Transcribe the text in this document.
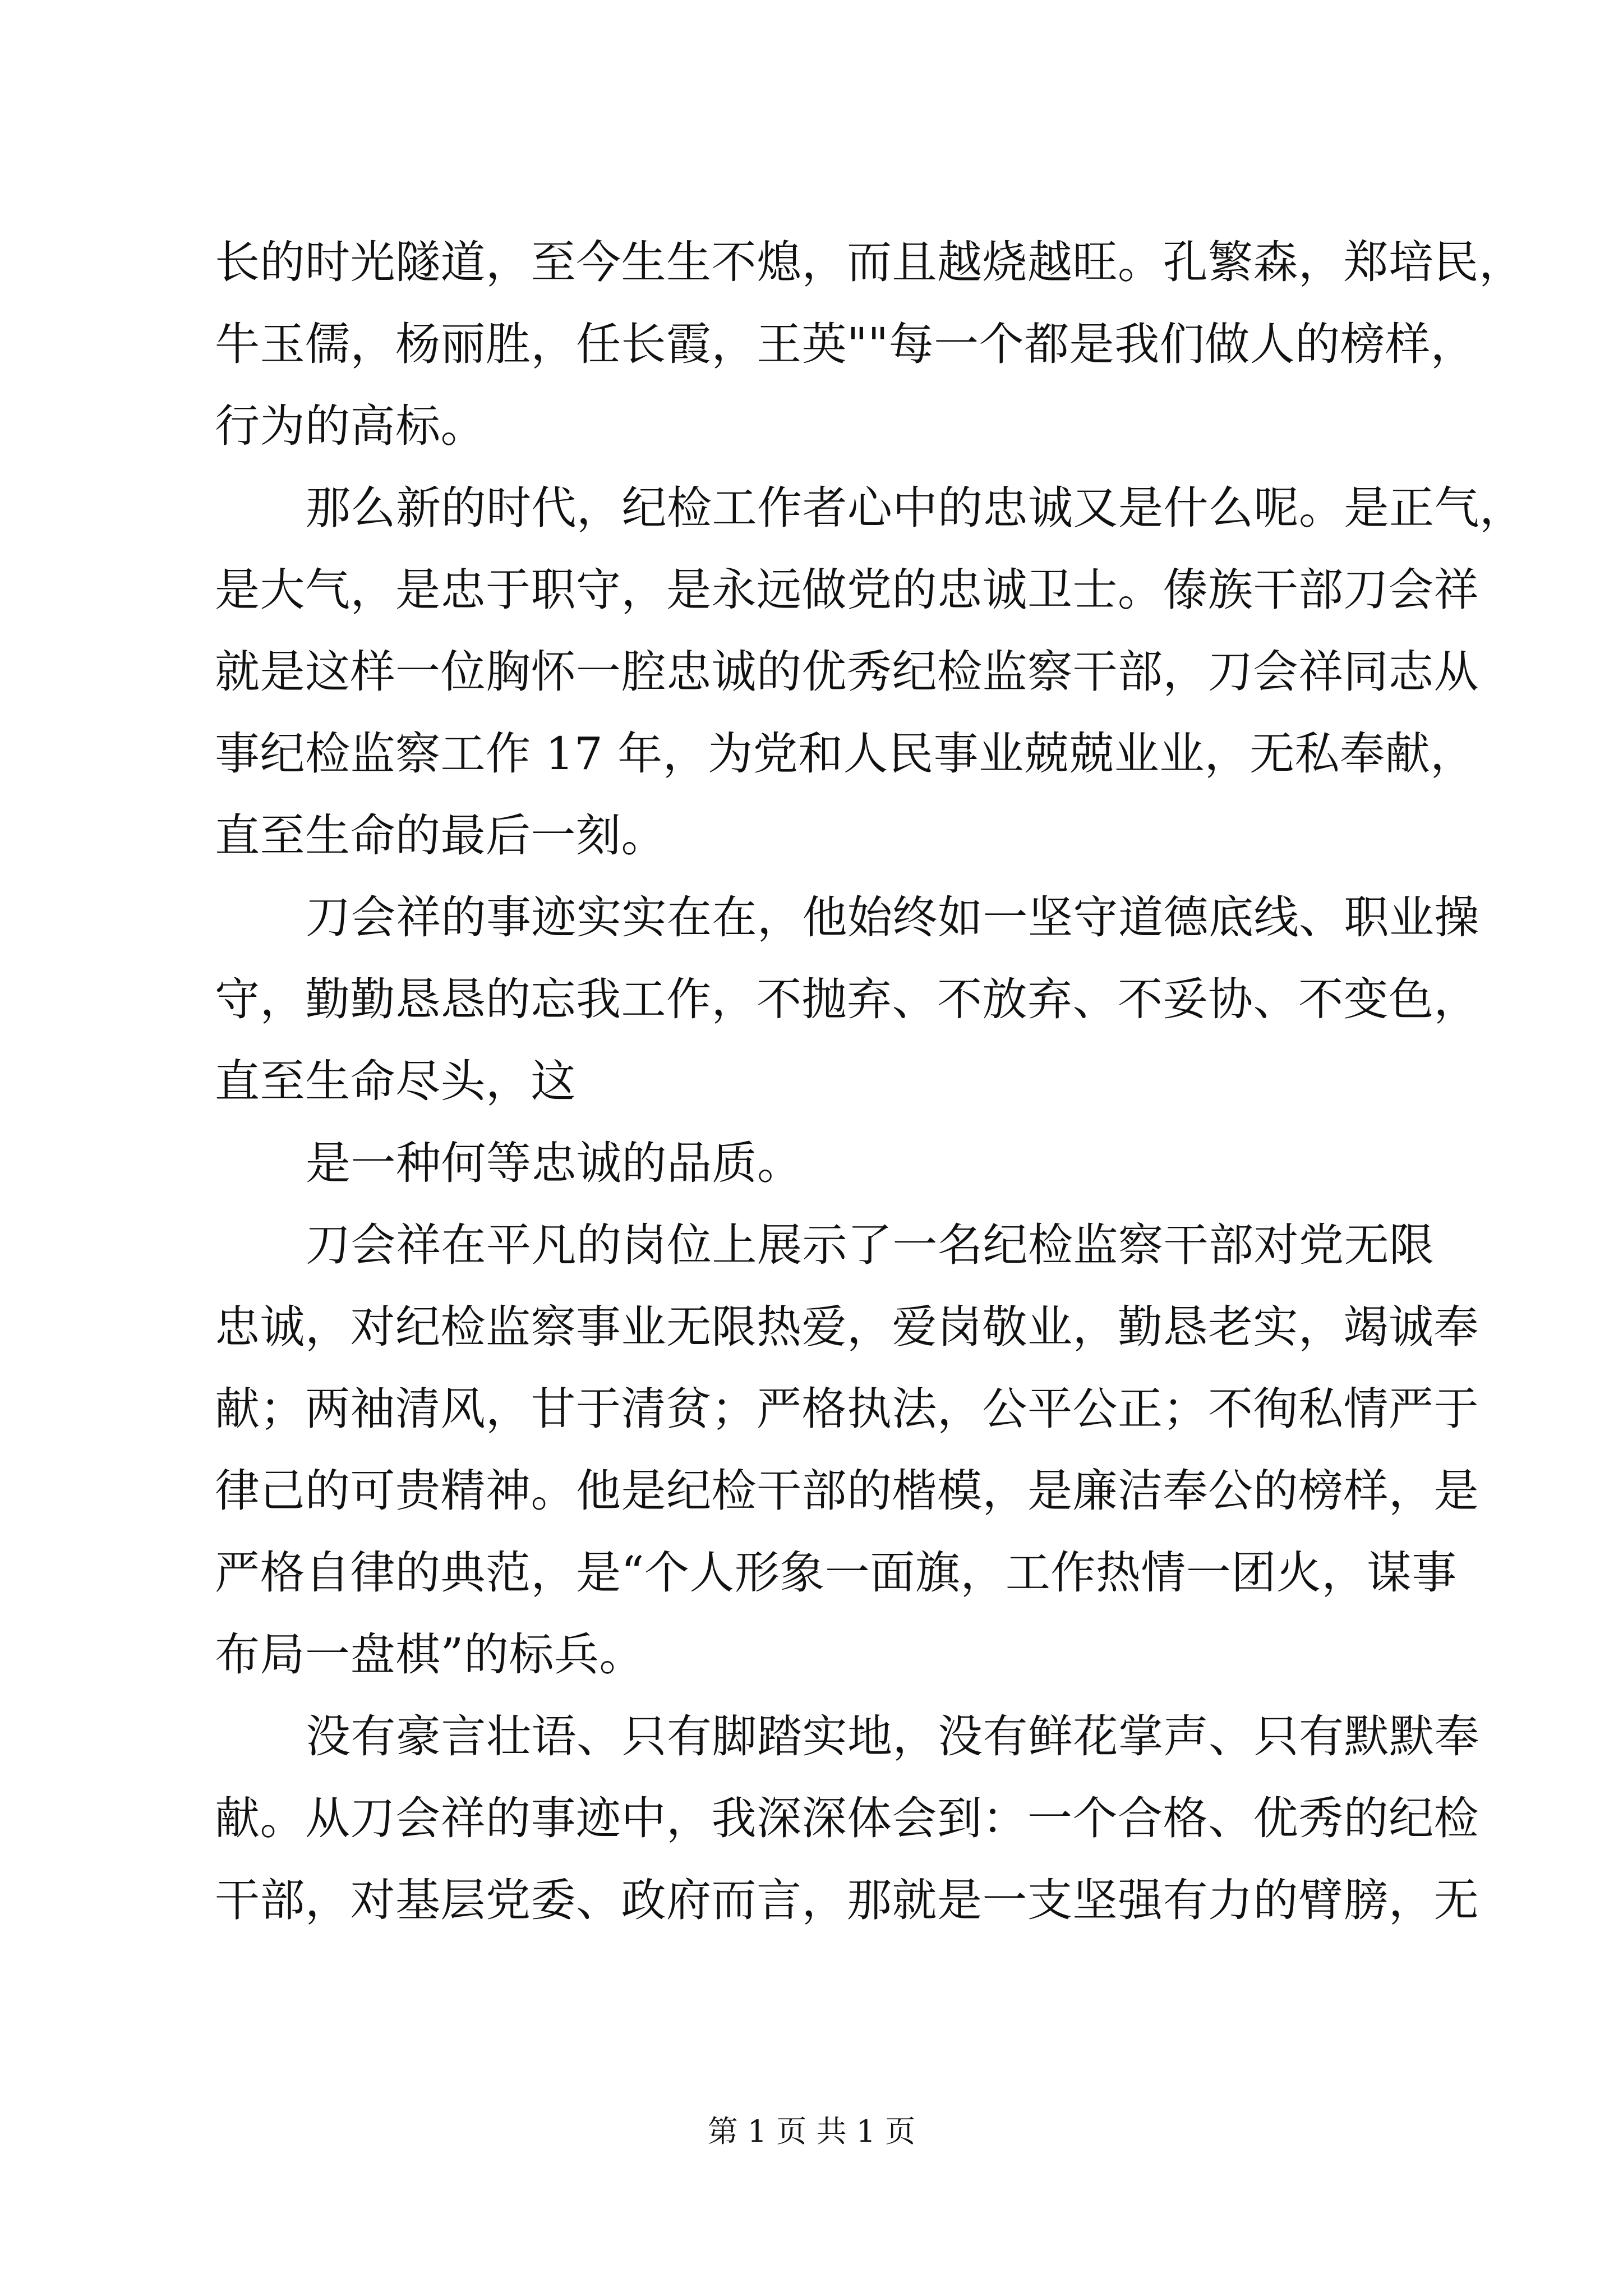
长的时光隧道，至今生生不熄，而且越烧越旺。孔繁森，郑培民，
牛玉儒，杨丽胜，任长霞，王英""每一个都是我们做人的榜样，
行为的高标。
那么新的时代，纪检工作者心中的忠诚又是什么呢。是正气，
是大气，是忠于职守，是永远做党的忠诚卫士。傣族干部刀会祥
就是这样一位胸怀一腔忠诚的优秀纪检监察干部，刀会祥同志从
事纪检监察工作 17 年，为党和人民事业兢兢业业，无私奉献，
直至生命的最后一刻。
刀会祥的事迹实实在在，他始终如一坚守道德底线、职业操
守，勤勤恳恳的忘我工作，不抛弃、不放弃、不妥协、不变色，
直至生命尽头，这
是一种何等忠诚的品质。
刀会祥在平凡的岗位上展示了一名纪检监察干部对党无限
忠诚，对纪检监察事业无限热爱，爱岗敬业，勤恳老实，竭诚奉
献；两袖清风，甘于清贫；严格执法，公平公正；不徇私情严于
律己的可贵精神。他是纪检干部的楷模，是廉洁奉公的榜样，是
严格自律的典范，是“个人形象一面旗，工作热情一团火，谋事
布局一盘棋”的标兵。
没有豪言壮语、只有脚踏实地，没有鲜花掌声、只有默默奉
献。从刀会祥的事迹中，我深深体会到：一个合格、优秀的纪检
干部，对基层党委、政府而言，那就是一支坚强有力的臂膀，无
第 1 页 共 1 页
